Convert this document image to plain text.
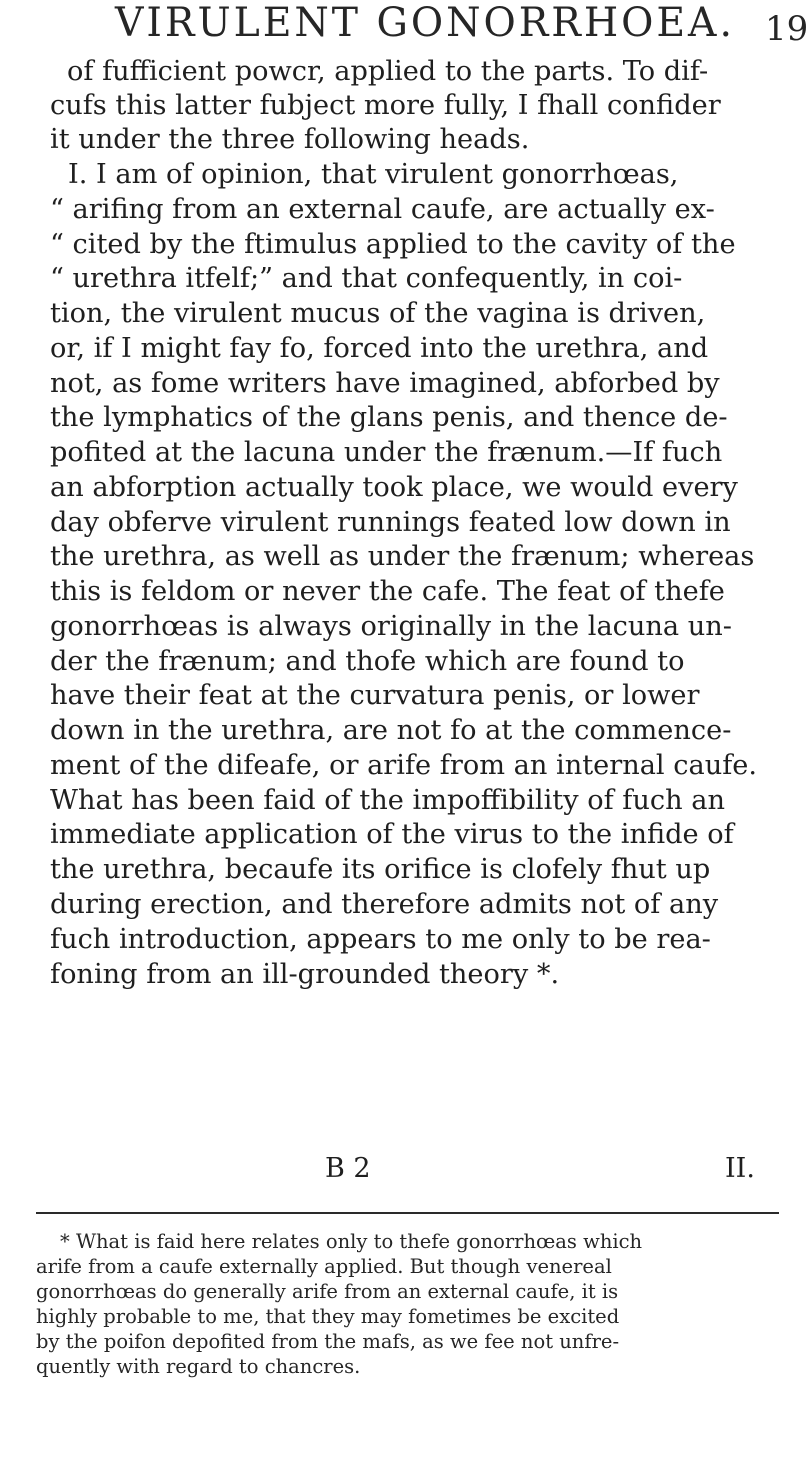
VIRULENT GONORRHOEA. 19
of fufficient powcr, applied to the parts. To dif-
cufs this latter fubject more fully, I fhall confider
it under the three following heads.
I. I am of opinion, that virulent gonorrhœas,
“ arifing from an external caufe, are actually ex-
“ cited by the ftimulus applied to the cavity of the
“ urethra itfelf;” and that confequently, in coi-
tion, the virulent mucus of the vagina is driven,
or, if I might fay fo, forced into the urethra, and
not, as fome writers have imagined, abforbed by
the lymphatics of the glans penis, and thence de-
pofited at the lacuna under the frænum.—If fuch
an abforption actually took place, we would every
day obferve virulent runnings feated low down in
the urethra, as well as under the frænum; whereas
this is feldom or never the cafe. The feat of thefe
gonorrhœas is always originally in the lacuna un-
der the frænum; and thofe which are found to
have their feat at the curvatura penis, or lower
down in the urethra, are not fo at the commence-
ment of the difeafe, or arife from an internal caufe.
What has been faid of the impoffibility of fuch an
immediate application of the virus to the infide of
the urethra, becaufe its orifice is clofely fhut up
during erection, and therefore admits not of any
fuch introduction, appears to me only to be rea-
foning from an ill-grounded theory *.
B 2	II.
* What is faid here relates only to thefe gonorrhœas which
arife from a caufe externally applied. But though venereal
gonorrhœas do generally arife from an external caufe, it is
highly probable to me, that they may fometimes be excited
by the poifon depofited from the mafs, as we fee not unfre-
quently with regard to chancres.
